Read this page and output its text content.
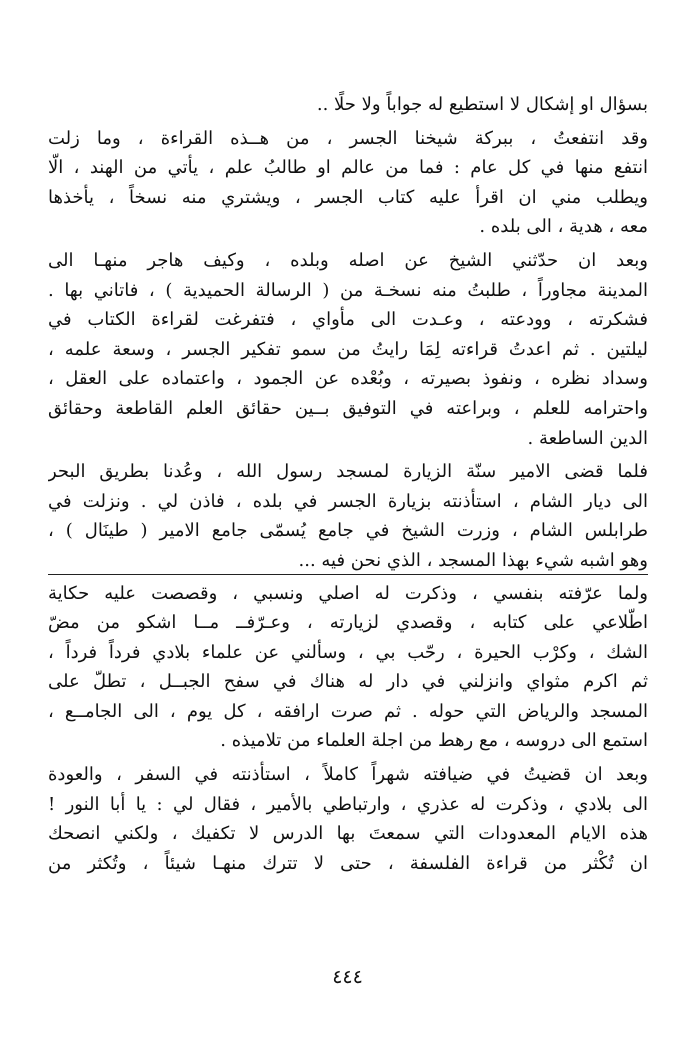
بسؤال او إشكال لا استطيع له جواباً ولا حلًا ..
وقد انتفعتُ ، ببركة شيخنا الجسر ، من هــذه القراءة ، وما زلت
انتفع منها في كل عام : فما من عالم او طالبُ علم ، يأتي من الهند ، الّا
ويطلب مني ان اقرأ عليه كتاب الجسر ، ويشتري منه نسخاً ، يأخذها
معه ، هدية ، الى بلده .
وبعد ان حدّثني الشيخ عن اصله وبلده ، وكيف هاجر منهـا الى
المدينة مجاوراً ، طلبتُ منه نسخـة من ( الرسالة الحميدية ) ، فاتاني بها .
فشكرته ، وودعته ، وعـدت الى مأواي ، فتفرغت لقراءة الكتاب في
ليلتين . ثم اعدتُ قراءته لِمَا رايتُ من سمو تفكير الجسر ، وسعة علمه ،
وسداد نظره ، ونفوذ بصيرته ، وبُعْده عن الجمود ، واعتماده على العقل ،
واحترامه للعلم ، وبراعته في التوفيق بــين حقائق العلم القاطعة وحقائق
الدين الساطعة .
فلما قضى الامير سنّة الزيارة لمسجد رسول الله ، وعُدنا بطريق البحر
الى ديار الشام ، استأذنته بزيارة الجسر في بلده ، فاذن لي . ونزلت في
طرابلس الشام ، وزرت الشيخ في جامع يُسمّى جامع الامير ( طينَال ) ،
وهو اشبه شيء بهذا المسجد ، الذي نحن فيه ...
ولما عرّفته بنفسي ، وذكرت له اصلي ونسبي ، وقصصت عليه حكاية
اطّلاعي على كتابه ، وقصدي لزيارته ، وعـرّفــ مــا اشكو من مضّ
الشك ، وكرْب الحيرة ، رحّب بي ، وسألني عن علماء بلادي فرداً فرداً ،
ثم اكرم مثواي وانزلني في دار له هناك في سفح الجبــل ، تطلّ على
المسجد والرياض التي حوله . ثم صرت ارافقه ، كل يوم ، الى الجامــع ،
استمع الى دروسه ، مع رهط من اجلة العلماء من تلاميذه .
وبعد ان قضيتُ في ضيافته شهراً كاملاً ، استأذنته في السفر ، والعودة
الى بلادي ، وذكرت له عذري ، وارتباطي بالأمير ، فقال لي : يا أبا النور !
هذه الايام المعدودات التي سمعتَ بها الدرس لا تكفيك ، ولكني انصحك
ان تُكْثر من قراءة الفلسفة ، حتى لا تترك منهـا شيئاً ، وتُكثر من
٤٤٤
